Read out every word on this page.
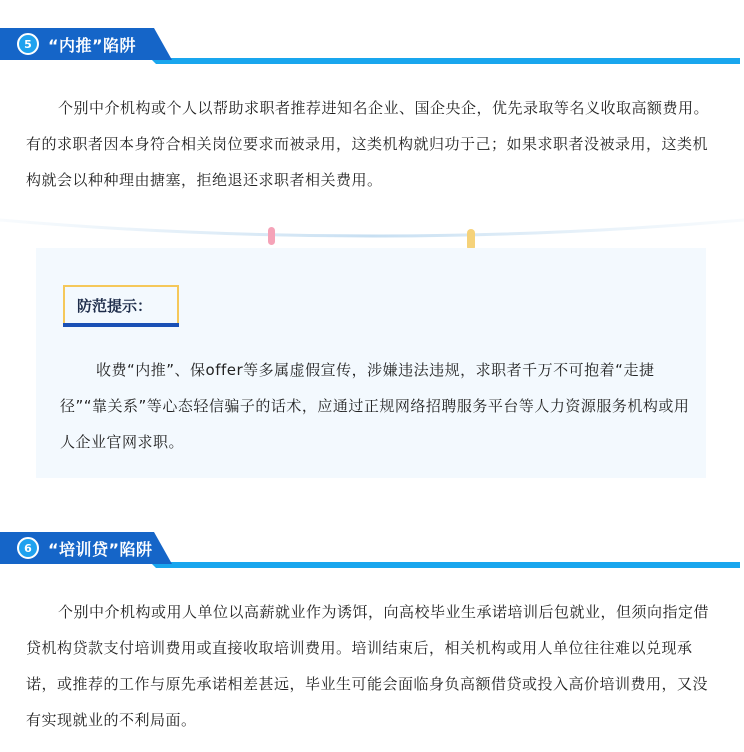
5	“内推”陷阱

个别中介机构或个人以帮助求职者推荐进知名企业、国企央企，优先录取等名义收取高额费用。有的求职者因本身符合相关岗位要求而被录用，这类机构就归功于己；如果求职者没被录用，这类机构就会以种种理由搪塞，拒绝退还求职者相关费用。

防范提示：

收费“内推”、保offer等多属虚假宣传，涉嫌违法违规，求职者千万不可抱着“走捷径”“靠关系”等心态轻信骗子的话术，应通过正规网络招聘服务平台等人力资源服务机构或用人企业官网求职。

6	“培训贷”陷阱

个别中介机构或用人单位以高薪就业作为诱饵，向高校毕业生承诺培训后包就业，但须向指定借贷机构贷款支付培训费用或直接收取培训费用。培训结束后，相关机构或用人单位往往难以兑现承诺，或推荐的工作与原先承诺相差甚远，毕业生可能会面临身负高额借贷或投入高价培训费用，又没有实现就业的不利局面。
